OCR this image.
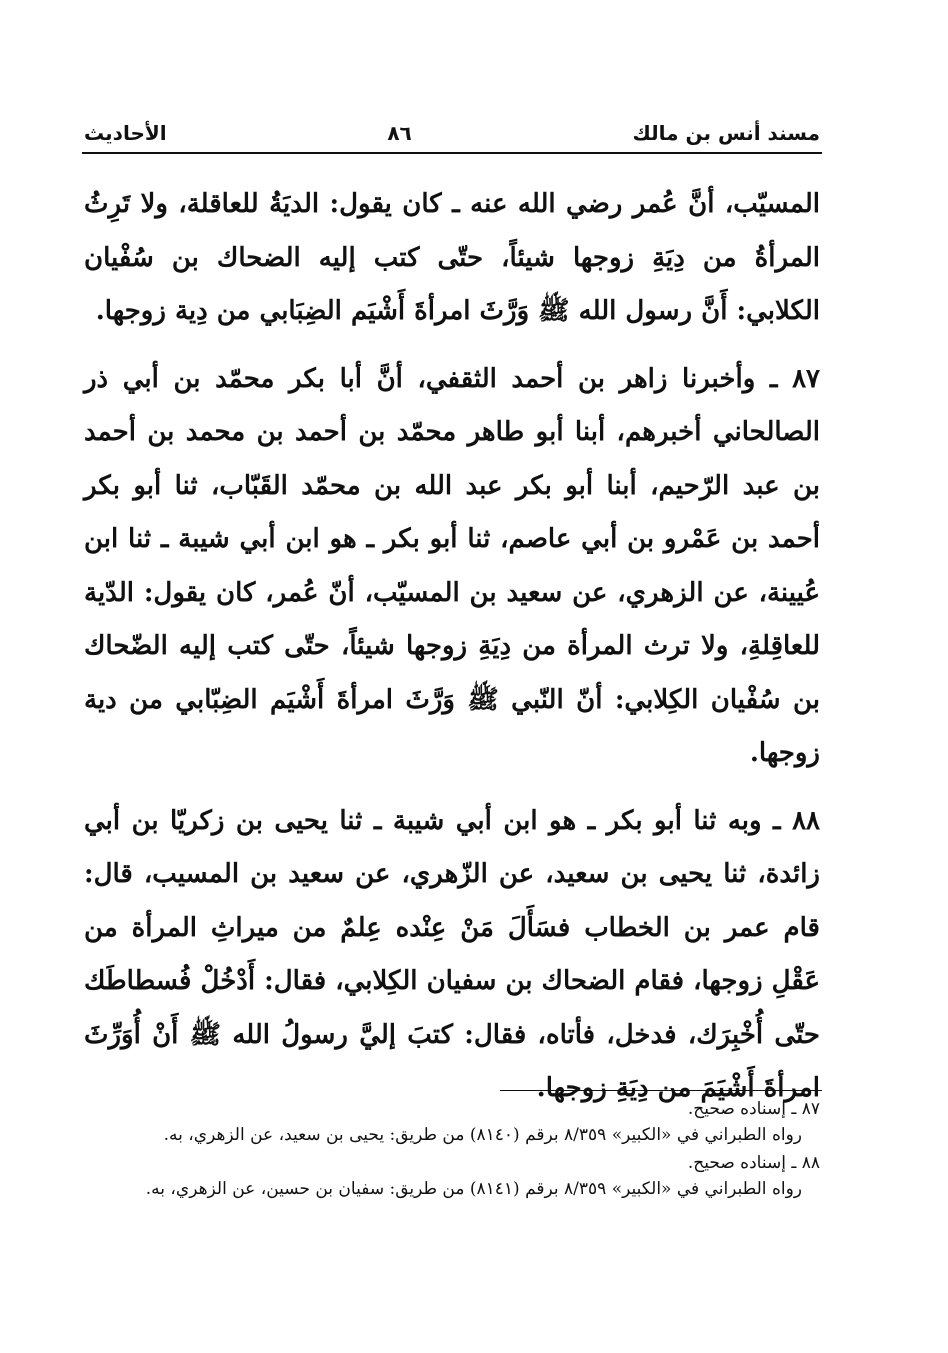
مسند أنس بن مالك
٨٦
الأحاديث

المسيّب، أنَّ عُمر رضي الله عنه ـ كان يقول: الديَةُ للعاقلة، ولا تَرِثُ المرأةُ من دِيَةِ زوجها شيئاً، حتّى كتب إليه الضحاك بن سُفْيان الكلابي: أَنَّ رسول الله ﷺ وَرَّثَ امرأةَ أَشْيَم الضِبَابي من دِية زوجها.

٨٧ ـ وأخبرنا زاهر بن أحمد الثقفي، أنَّ أبا بكر محمّد بن أبي ذر الصالحاني أخبرهم، أبنا أبو طاهر محمّد بن أحمد بن محمد بن أحمد بن عبد الرّحيم، أبنا أبو بكر عبد الله بن محمّد القَبّاب، ثنا أبو بكر أحمد بن عَمْرو بن أبي عاصم، ثنا أبو بكر ـ هو ابن أبي شيبة ـ ثنا ابن عُيينة، عن الزهري، عن سعيد بن المسيّب، أنّ عُمر، كان يقول: الدّية للعاقِلةِ، ولا ترث المرأة من دِيَةِ زوجها شيئاً، حتّى كتب إليه الضّحاك بن سُفْيان الكِلابي: أنّ النّبي ﷺ وَرَّثَ امرأةَ أَشْيَم الضِبّابي من دية زوجها.

٨٨ ـ وبه ثنا أبو بكر ـ هو ابن أبي شيبة ـ ثنا يحيى بن زكريّا بن أبي زائدة، ثنا يحيى بن سعيد، عن الزّهري، عن سعيد بن المسيب، قال: قام عمر بن الخطاب فسَأَلَ مَنْ عِنْده عِلمٌ من ميراثِ المرأة من عَقْلِ زوجها، فقام الضحاك بن سفيان الكِلابي، فقال: أَدْخُلْ فُسطاطَك حتّى أُخْبِرَك، فدخل، فأتاه، فقال: كتبَ إليَّ رسولُ الله ﷺ أَنْ أُوَرِّثَ امرأةَ أَشْيَمَ من دِيَةِ زوجها.

٨٧ ـ إسناده صحيح.

رواه الطبراني في «الكبير» ٨/٣٥٩ برقم (٨١٤٠) من طريق: يحيى بن سعيد، عن الزهري، به.

٨٨ ـ إسناده صحيح.

رواه الطبراني في «الكبير» ٨/٣٥٩ برقم (٨١٤١) من طريق: سفيان بن حسين، عن الزهري، به.
